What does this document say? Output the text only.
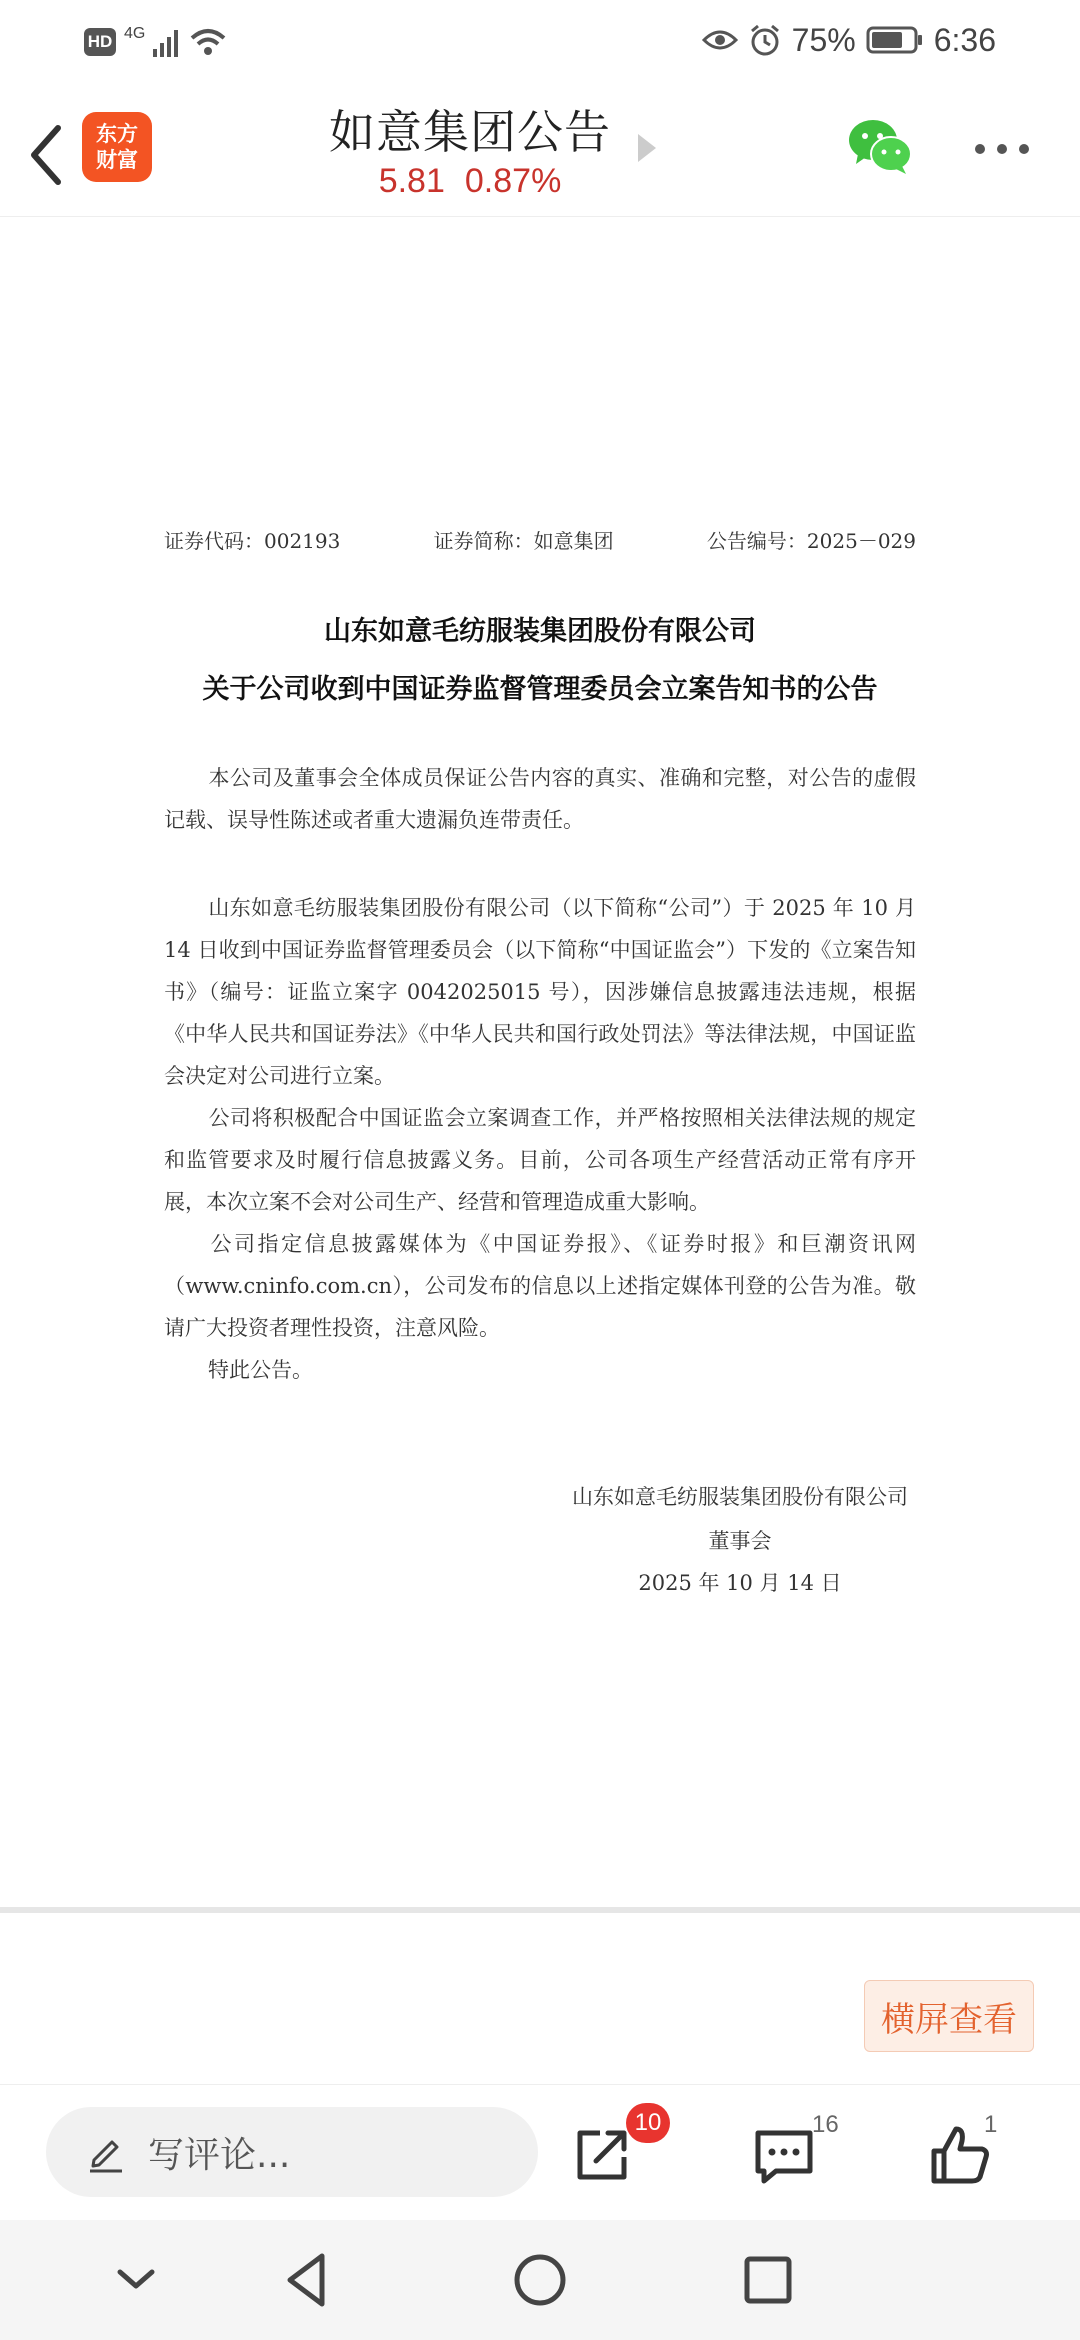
HD 4G	75% 6:36
东方
财富
如意集团公告
5.81 0.87%
证券代码：002193	证券简称：如意集团	公告编号：2025－029
山东如意毛纺服装集团股份有限公司
关于公司收到中国证券监督管理委员会立案告知书的公告
本公司及董事会全体成员保证公告内容的真实、准确和完整，对公告的虚假记载、误导性陈述或者重大遗漏负连带责任。
山东如意毛纺服装集团股份有限公司（以下简称“公司”）于 2025 年 10 月 14 日收到中国证券监督管理委员会（以下简称“中国证监会”）下发的《立案告知书》（编号：证监立案字 0042025015 号），因涉嫌信息披露违法违规，根据《中华人民共和国证券法》《中华人民共和国行政处罚法》等法律法规，中国证监会决定对公司进行立案。
公司将积极配合中国证监会立案调查工作，并严格按照相关法律法规的规定和监管要求及时履行信息披露义务。目前，公司各项生产经营活动正常有序开展，本次立案不会对公司生产、经营和管理造成重大影响。
公司指定信息披露媒体为《中国证券报》、《证券时报》和巨潮资讯网（www.cninfo.com.cn），公司发布的信息以上述指定媒体刊登的公告为准。敬请广大投资者理性投资，注意风险。
特此公告。
山东如意毛纺服装集团股份有限公司
董事会
2025 年 10 月 14 日
横屏查看
写评论...
10	16	1
